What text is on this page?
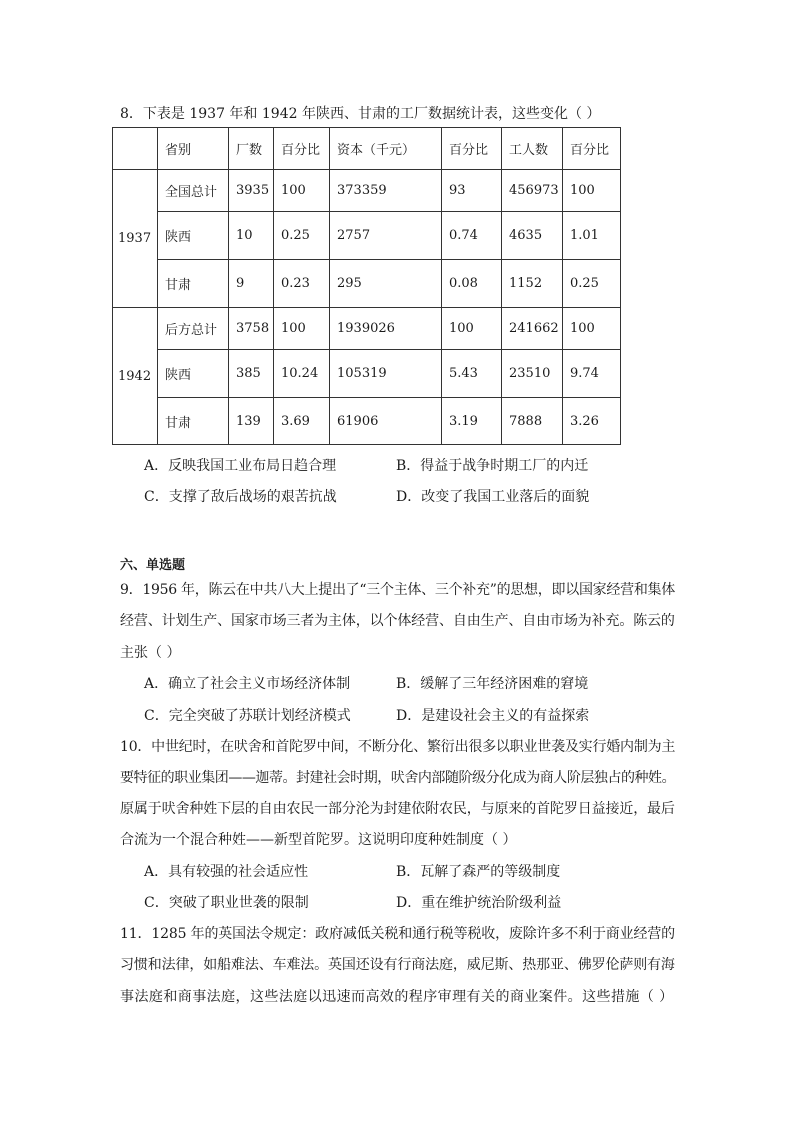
8．下表是 1937 年和 1942 年陕西、甘肃的工厂数据统计表，这些变化（ ）
	省别	厂数	百分比	资本（千元）	百分比	工人数	百分比
1937	全国总计	3935	100	373359	93	456973	100
	陕西	10	0.25	2757	0.74	4635	1.01
	甘肃	9	0.23	295	0.08	1152	0.25
1942	后方总计	3758	100	1939026	100	241662	100
	陕西	385	10.24	105319	5.43	23510	9.74
	甘肃	139	3.69	61906	3.19	7888	3.26
A．反映我国工业布局日趋合理	B．得益于战争时期工厂的内迁
C．支撑了敌后战场的艰苦抗战	D．改变了我国工业落后的面貌
六、单选题
9．1956 年，陈云在中共八大上提出了“三个主体、三个补充”的思想，即以国家经营和集体
经营、计划生产、国家市场三者为主体，以个体经营、自由生产、自由市场为补充。陈云的
主张（ ）
A．确立了社会主义市场经济体制	B．缓解了三年经济困难的窘境
C．完全突破了苏联计划经济模式	D．是建设社会主义的有益探索
10．中世纪时，在吠舍和首陀罗中间，不断分化、繁衍出很多以职业世袭及实行婚内制为主
要特征的职业集团——迦蒂。封建社会时期，吠舍内部随阶级分化成为商人阶层独占的种姓。
原属于吠舍种姓下层的自由农民一部分沦为封建依附农民，与原来的首陀罗日益接近，最后
合流为一个混合种姓——新型首陀罗。这说明印度种姓制度（ ）
A．具有较强的社会适应性	B．瓦解了森严的等级制度
C．突破了职业世袭的限制	D．重在维护统治阶级利益
11．1285 年的英国法令规定：政府减低关税和通行税等税收，废除许多不利于商业经营的
习惯和法律，如船难法、车难法。英国还设有行商法庭，威尼斯、热那亚、佛罗伦萨则有海
事法庭和商事法庭，这些法庭以迅速而高效的程序审理有关的商业案件。这些措施（ ）
